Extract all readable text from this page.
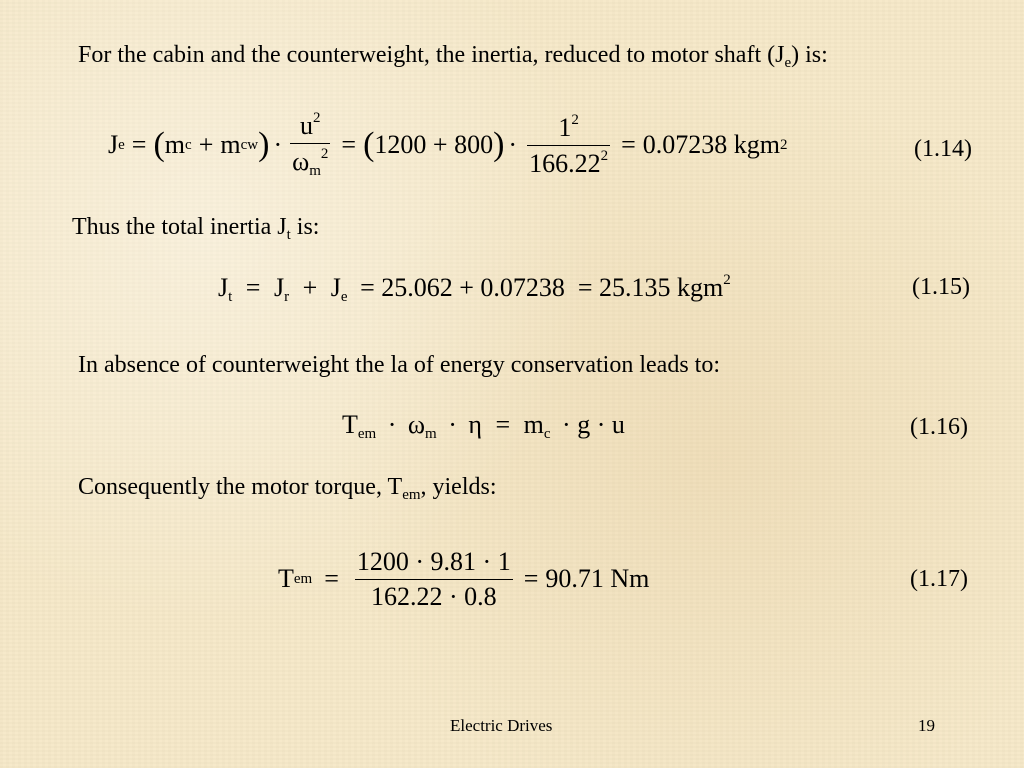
For the cabin and the counterweight, the inertia, reduced to motor shaft $(J_e)$ is:
J e = ( m c + m cw ) · $\frac{u^2}{\omega_m^2}$ = ( 1200 + 800 ) · $\frac{1^2}{166.22^2} = 0.07238$ kgm 2	(1.14)
Thus the total inertia $J_t$ is:
$J_t = J_r + J_e = 25.062 + 0.07238 = 25.135$ kgm$^2$	(1.15)
In absence of counterweight the la of energy conservation leads to:
$T_{em} \cdot \omega_m \cdot \eta = m_c \cdot g \cdot u$	(1.16)
Consequently the motor torque, $T_{em}$, yields:
T em = $\frac{1200 \cdot 9.81 \cdot 1}{162.22 \cdot 0.8} = 90.71$ Nm	(1.17)
Electric Drives	19
